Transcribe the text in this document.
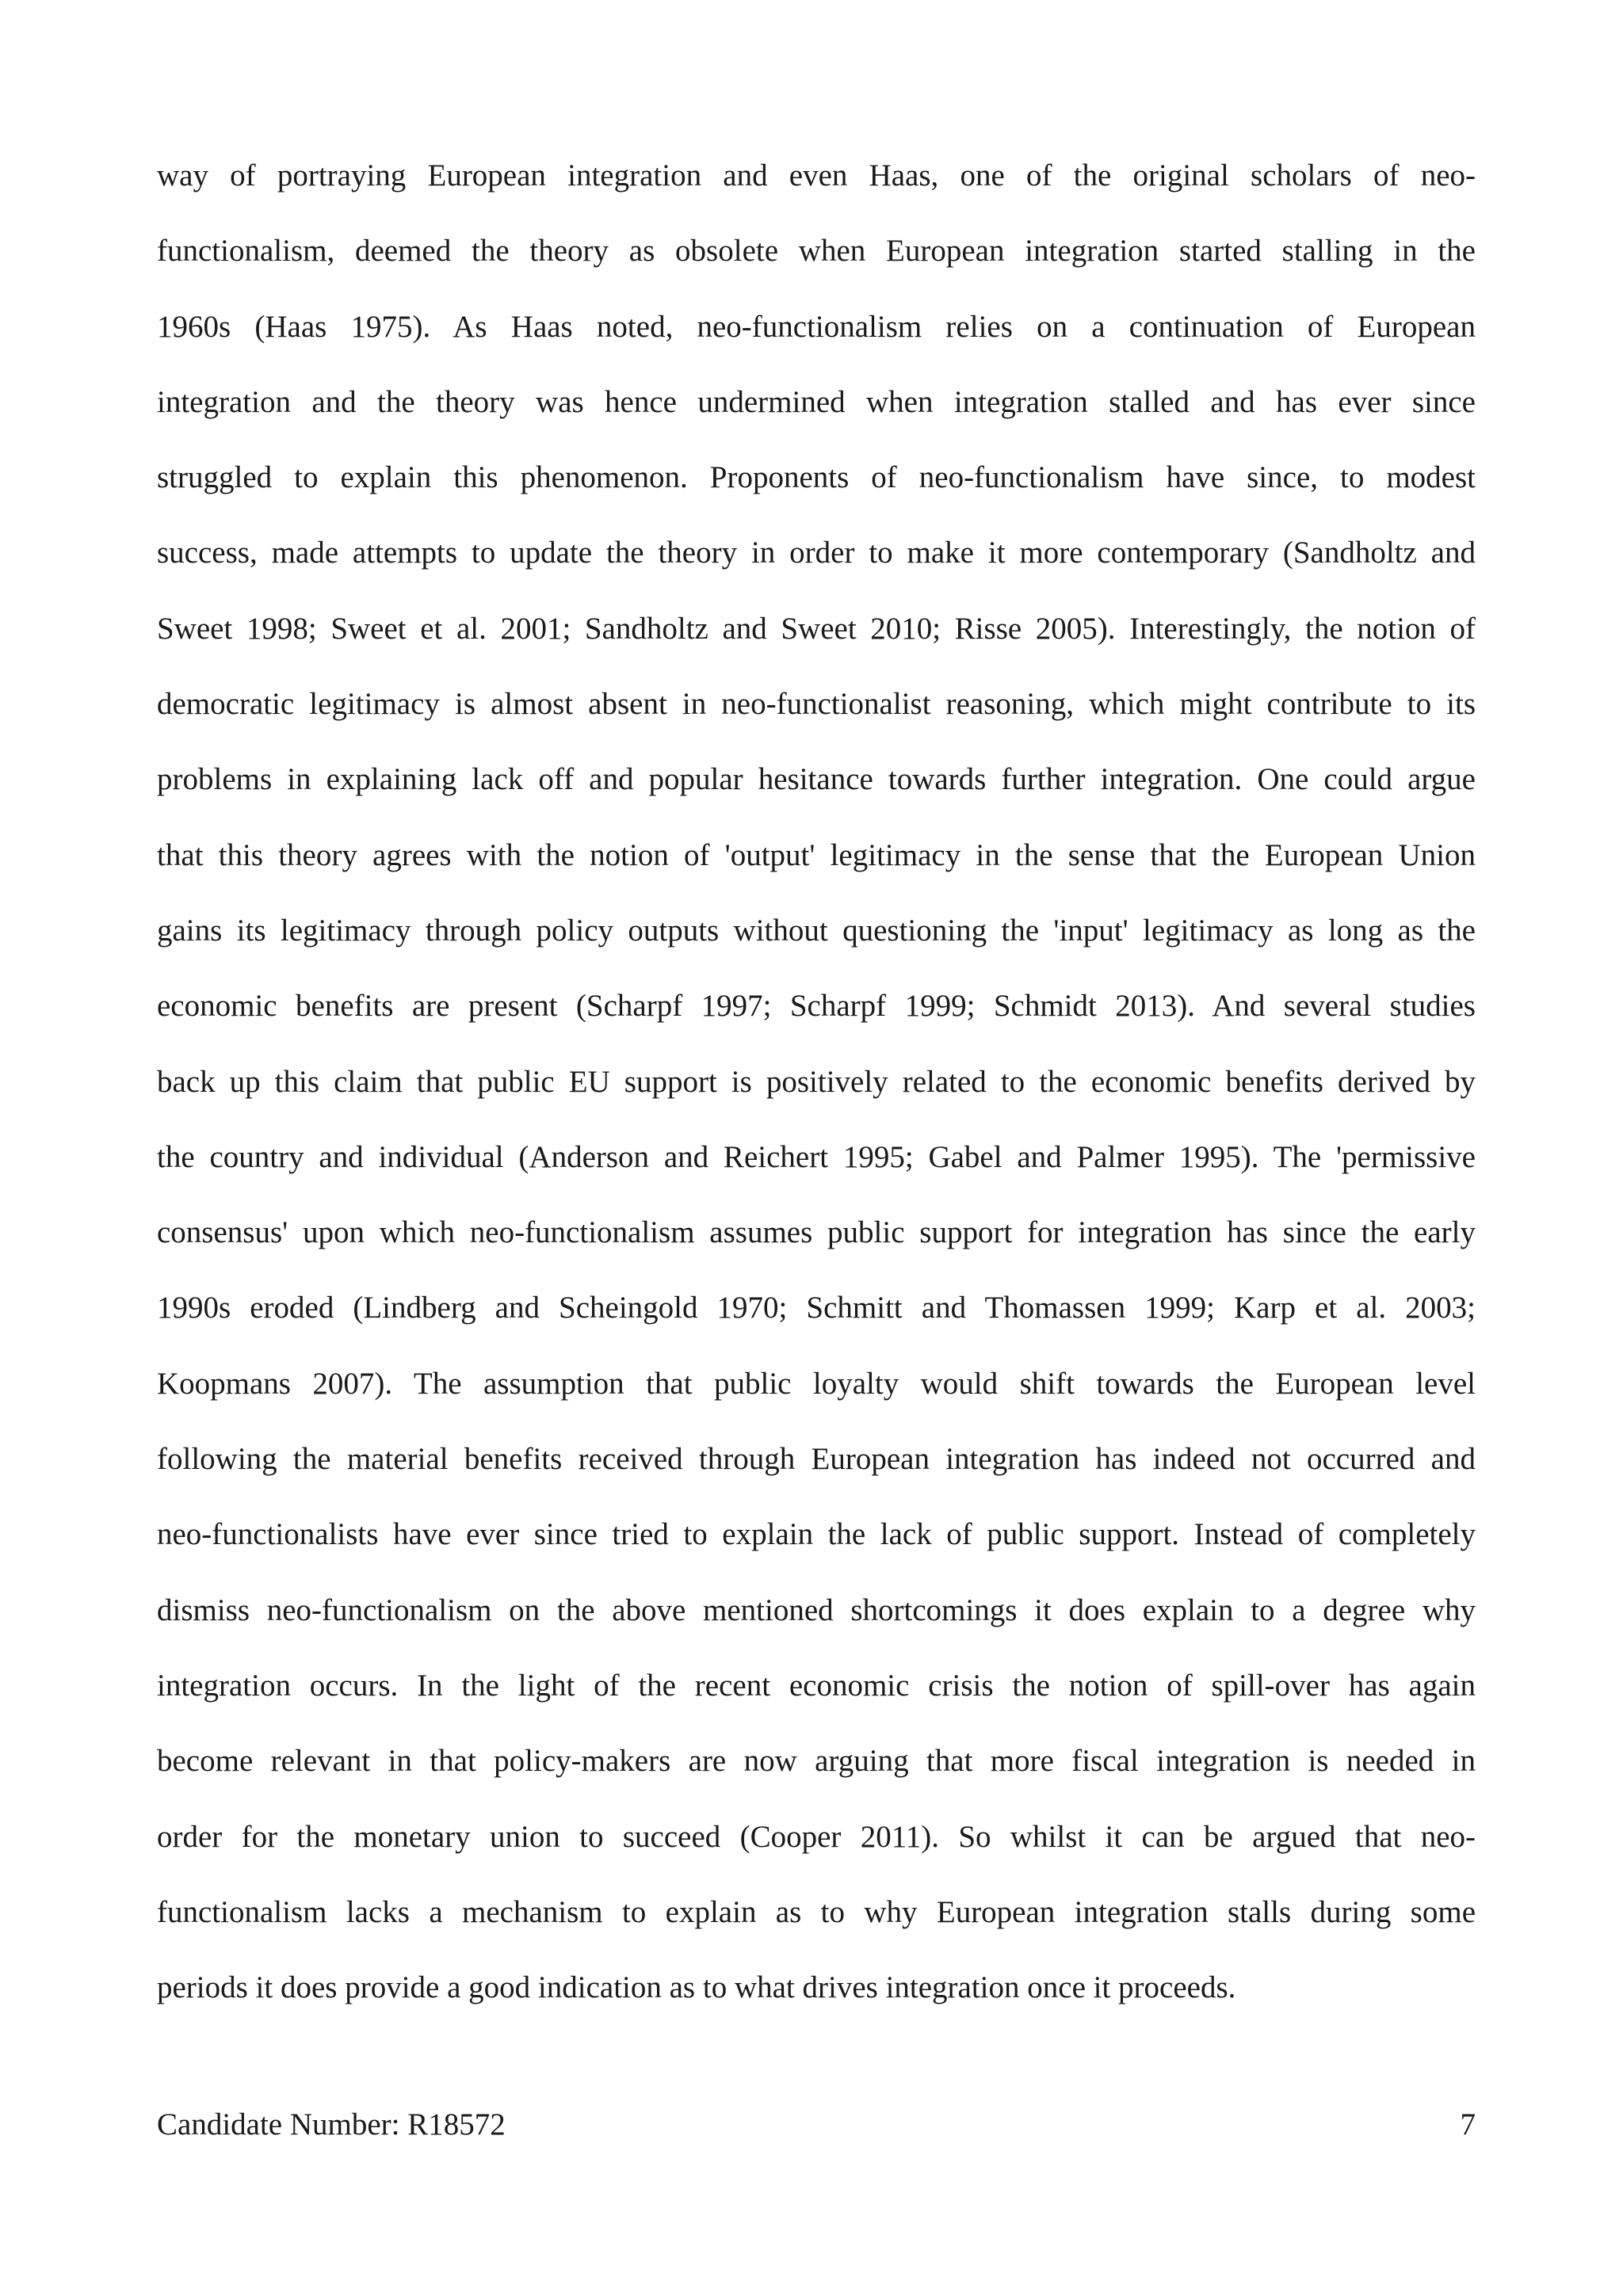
way of portraying European integration and even Haas, one of the original scholars of neo-
functionalism, deemed the theory as obsolete when European integration started stalling in the
1960s (Haas 1975). As Haas noted, neo-functionalism relies on a continuation of European
integration and the theory was hence undermined when integration stalled and has ever since
struggled to explain this phenomenon. Proponents of neo-functionalism have since, to modest
success, made attempts to update the theory in order to make it more contemporary (Sandholtz and
Sweet 1998; Sweet et al. 2001; Sandholtz and Sweet 2010; Risse 2005). Interestingly, the notion of
democratic legitimacy is almost absent in neo-functionalist reasoning, which might contribute to its
problems in explaining lack off and popular hesitance towards further integration. One could argue
that this theory agrees with the notion of 'output' legitimacy in the sense that the European Union
gains its legitimacy through policy outputs without questioning the 'input' legitimacy as long as the
economic benefits are present (Scharpf 1997; Scharpf 1999; Schmidt 2013). And several studies
back up this claim that public EU support is positively related to the economic benefits derived by
the country and individual (Anderson and Reichert 1995; Gabel and Palmer 1995). The 'permissive
consensus' upon which neo-functionalism assumes public support for integration has since the early
1990s eroded (Lindberg and Scheingold 1970; Schmitt and Thomassen 1999; Karp et al. 2003;
Koopmans 2007). The assumption that public loyalty would shift towards the European level
following the material benefits received through European integration has indeed not occurred and
neo-functionalists have ever since tried to explain the lack of public support. Instead of completely
dismiss neo-functionalism on the above mentioned shortcomings it does explain to a degree why
integration occurs. In the light of the recent economic crisis the notion of spill-over has again
become relevant in that policy-makers are now arguing that more fiscal integration is needed in
order for the monetary union to succeed (Cooper 2011). So whilst it can be argued that neo-
functionalism lacks a mechanism to explain as to why European integration stalls during some
periods it does provide a good indication as to what drives integration once it proceeds.
Candidate Number: R18572	7
